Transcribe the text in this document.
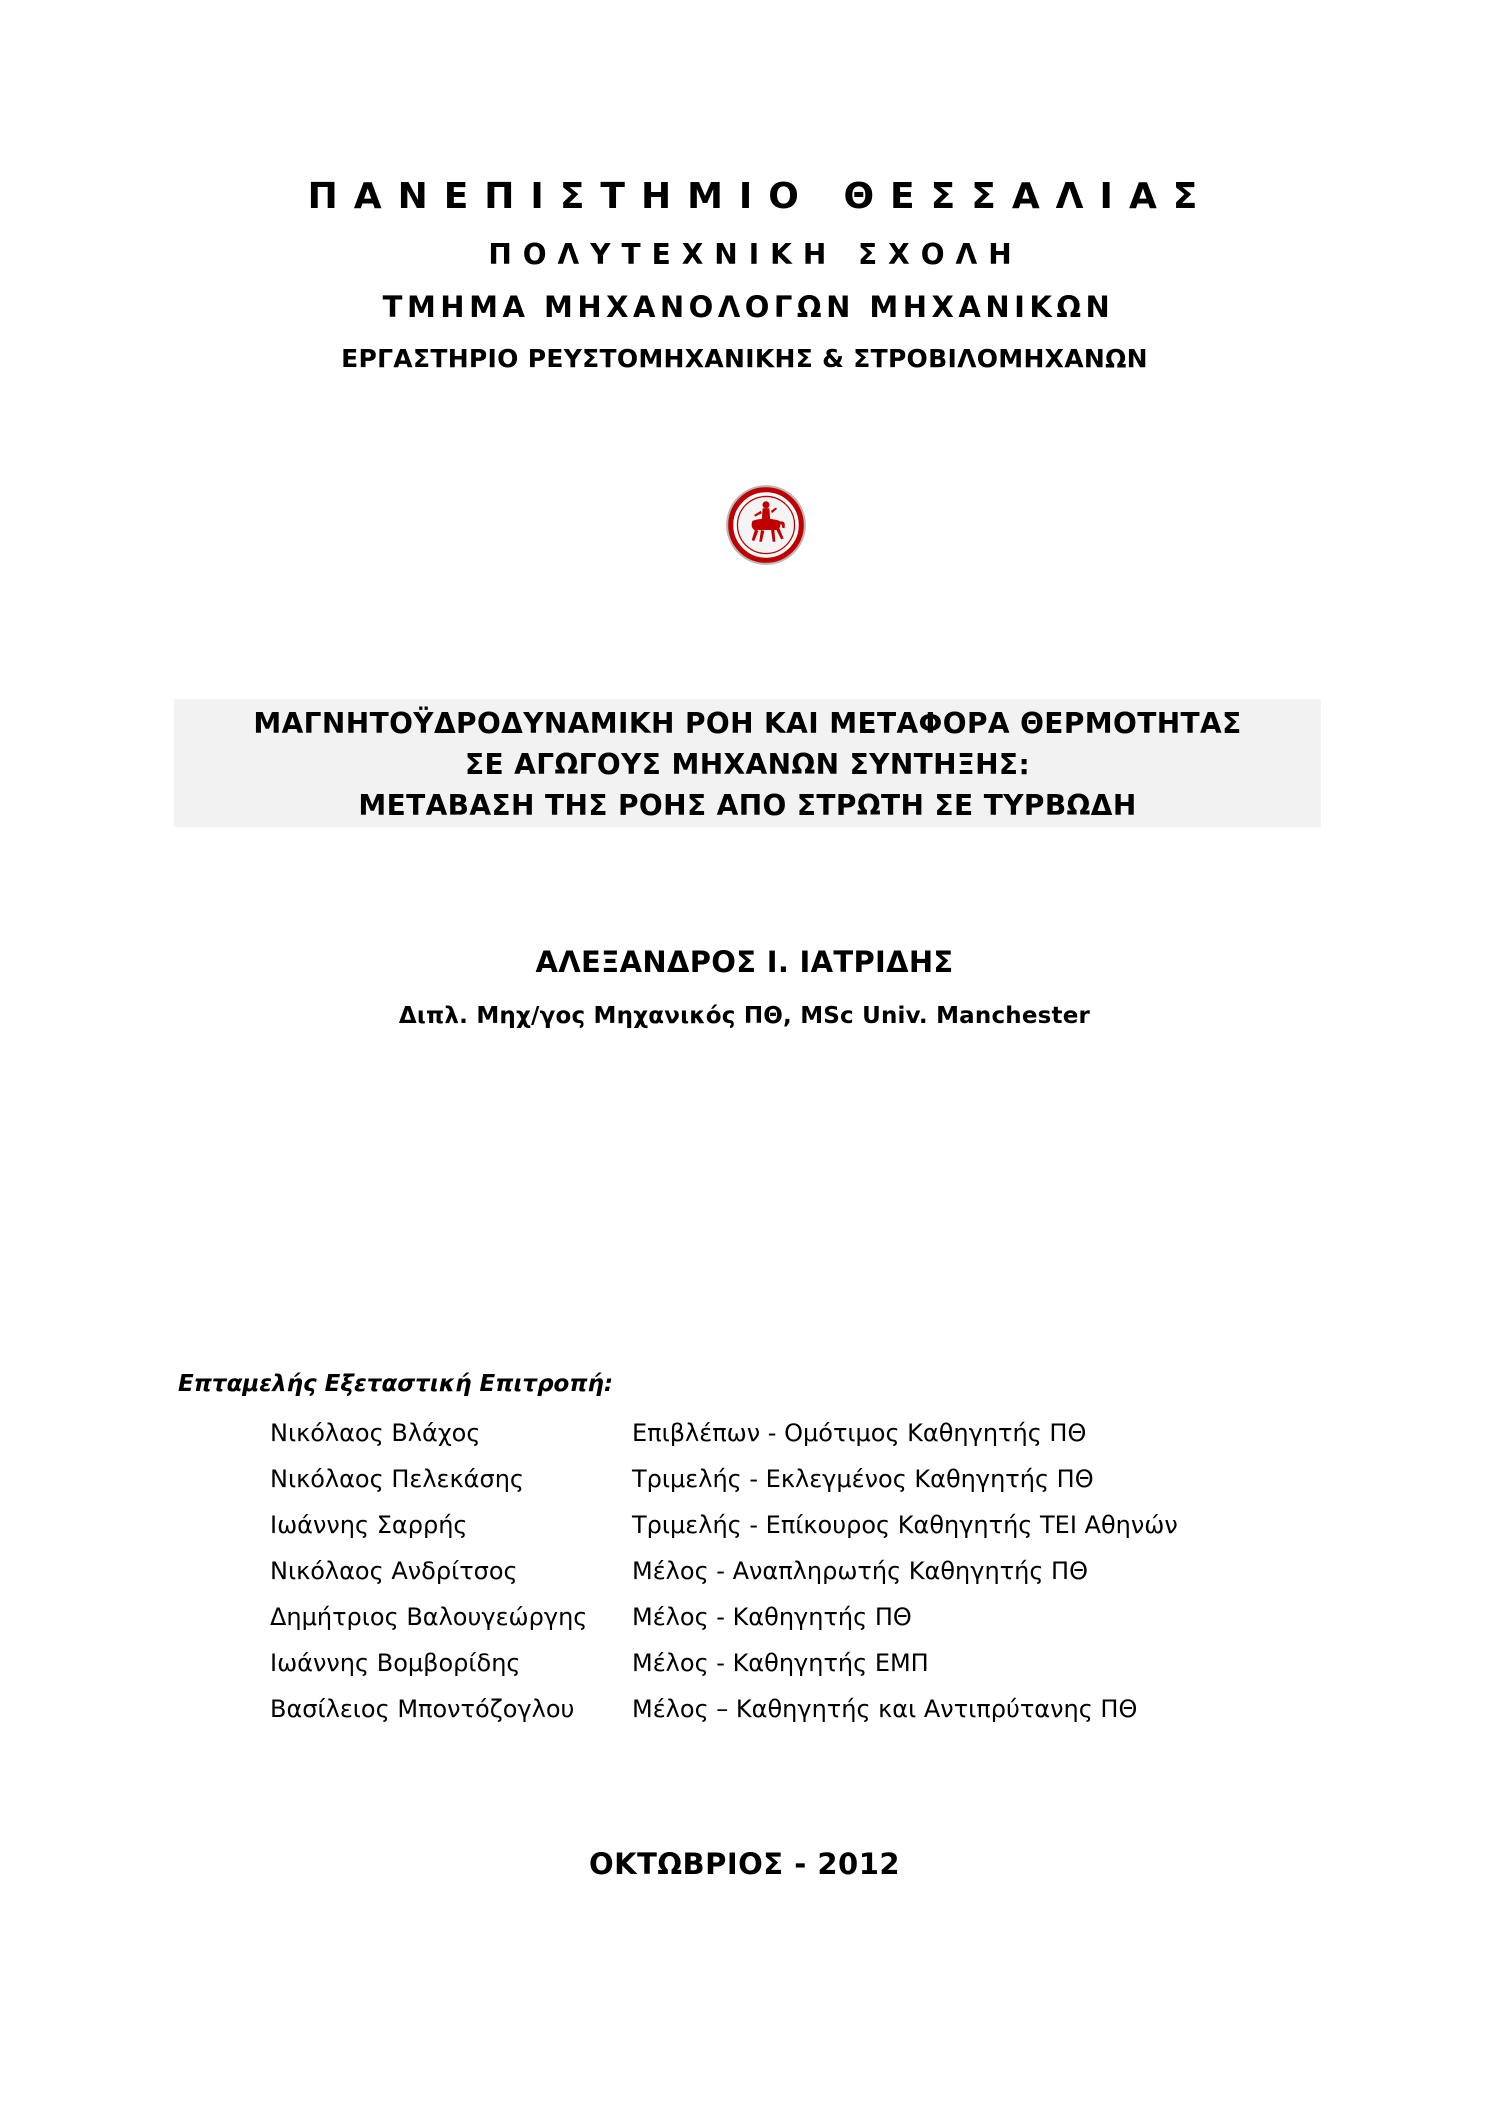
ΠΑΝΕΠΙΣΤΗΜΙΟ ΘΕΣΣΑΛΙΑΣ
ΠΟΛΥΤΕΧΝΙΚΗ ΣΧΟΛΗ
ΤΜΗΜΑ ΜΗΧΑΝΟΛΟΓΩΝ ΜΗΧΑΝΙΚΩΝ
ΕΡΓΑΣΤΗΡΙΟ ΡΕΥΣΤΟΜΗΧΑΝΙΚΗΣ & ΣΤΡΟΒΙΛΟΜΗΧΑΝΩΝ
ΜΑΓΝΗΤΟΫΔΡΟΔΥΝΑΜΙΚΗ ΡΟΗ ΚΑΙ ΜΕΤΑΦΟΡΑ ΘΕΡΜΟΤΗΤΑΣ
ΣΕ ΑΓΩΓΟΥΣ ΜΗΧΑΝΩΝ ΣΥΝΤΗΞΗΣ:
ΜΕΤΑΒΑΣΗ ΤΗΣ ΡΟΗΣ ΑΠΟ ΣΤΡΩΤΗ ΣΕ ΤΥΡΒΩΔΗ
ΑΛΕΞΑΝΔΡΟΣ Ι. ΙΑΤΡΙΔΗΣ
Διπλ. Μηχ/γος Μηχανικός ΠΘ, MSc Univ. Manchester
Επταμελής Εξεταστική Επιτροπή:
Νικόλαος Βλάχος	Επιβλέπων - Ομότιμος Καθηγητής ΠΘ
Νικόλαος Πελεκάσης	Τριμελής - Εκλεγμένος Καθηγητής ΠΘ
Ιωάννης Σαρρής	Τριμελής - Επίκουρος Καθηγητής ΤΕΙ Αθηνών
Νικόλαος Ανδρίτσος	Μέλος - Αναπληρωτής Καθηγητής ΠΘ
Δημήτριος Βαλουγεώργης Μέλος - Καθηγητής ΠΘ
Ιωάννης Βομβορίδης	Μέλος - Καθηγητής ΕΜΠ
Βασίλειος Μποντόζογλου Μέλος – Καθηγητής και Αντιπρύτανης ΠΘ
ΟΚΤΩΒΡΙΟΣ - 2012
